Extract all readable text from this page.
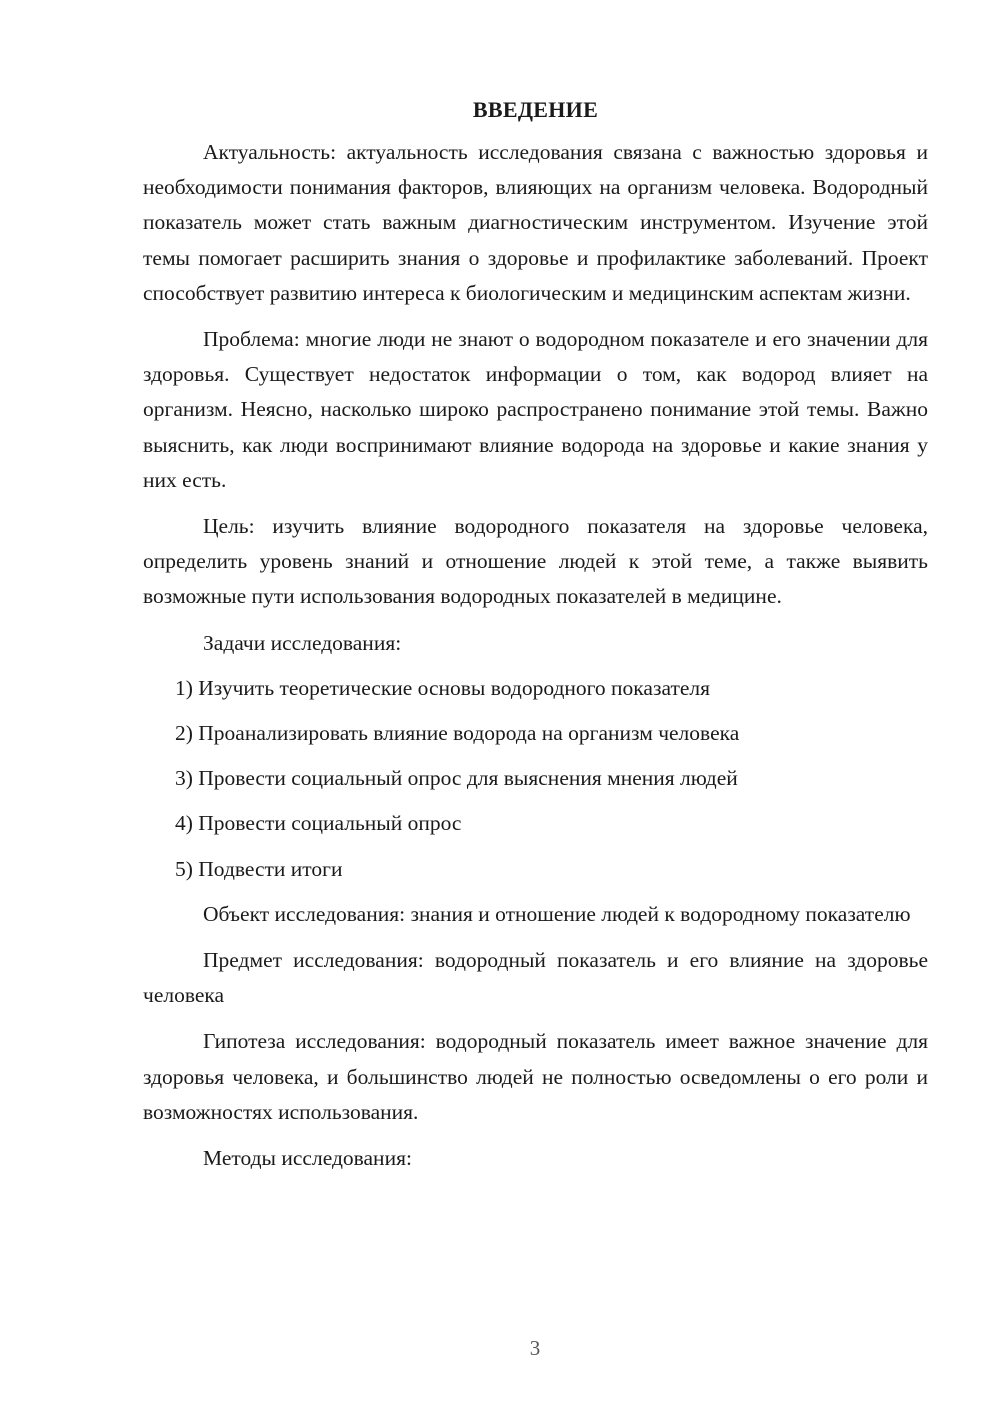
ВВЕДЕНИЕ

Актуальность: актуальность исследования связана с важностью здоровья и необходимости понимания факторов, влияющих на организм человека. Водородный показатель может стать важным диагностическим инструментом. Изучение этой темы помогает расширить знания о здоровье и профилактике заболеваний. Проект способствует развитию интереса к биологическим и медицинским аспектам жизни.

Проблема: многие люди не знают о водородном показателе и его значении для здоровья. Существует недостаток информации о том, как водород влияет на организм. Неясно, насколько широко распространено понимание этой темы. Важно выяснить, как люди воспринимают влияние водорода на здоровье и какие знания у них есть.

Цель: изучить влияние водородного показателя на здоровье человека, определить уровень знаний и отношение людей к этой теме, а также выявить возможные пути использования водородных показателей в медицине.

Задачи исследования:

1) Изучить теоретические основы водородного показателя
2) Проанализировать влияние водорода на организм человека
3) Провести социальный опрос для выяснения мнения людей
4) Провести социальный опрос
5) Подвести итоги

Объект исследования: знания и отношение людей к водородному показателю

Предмет исследования: водородный показатель и его влияние на здоровье человека

Гипотеза исследования: водородный показатель имеет важное значение для здоровья человека, и большинство людей не полностью осведомлены о его роли и возможностях использования.

Методы исследования:

3
